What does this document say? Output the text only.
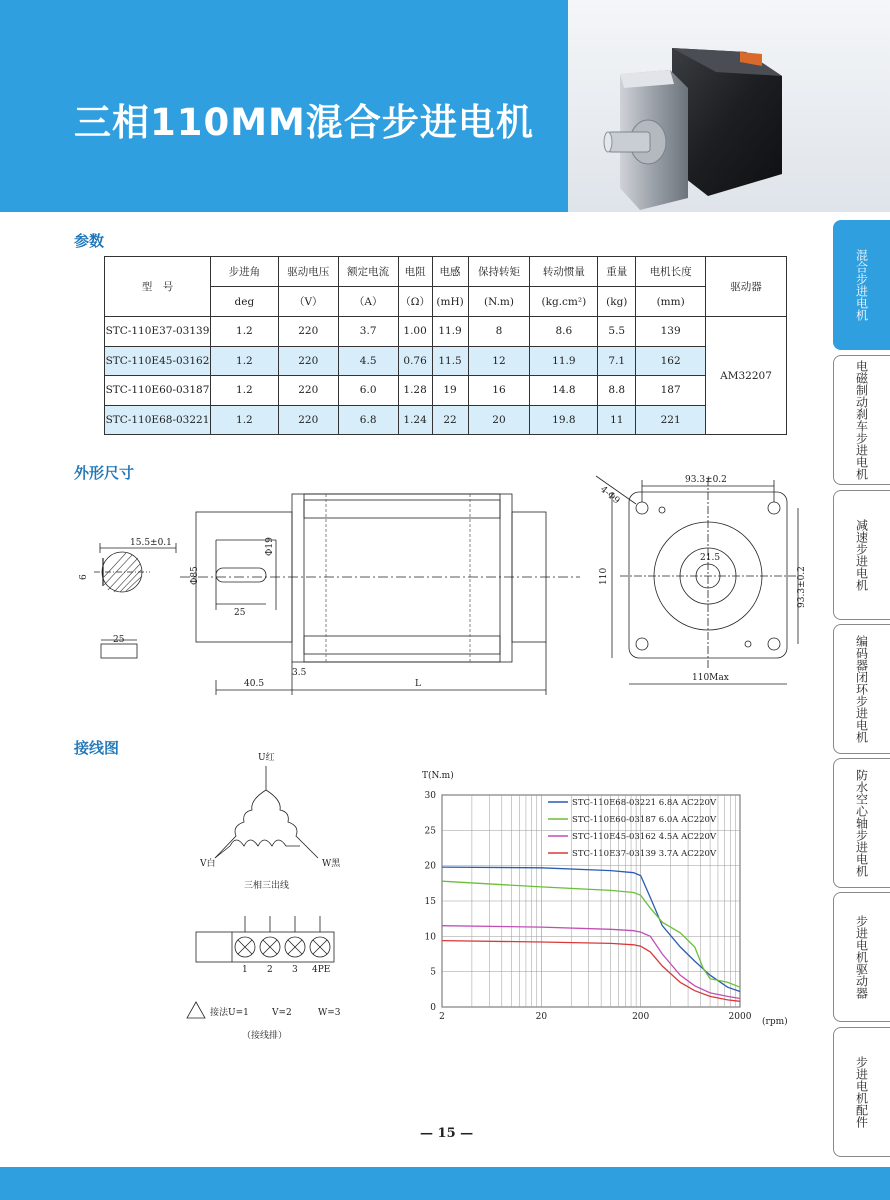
三相110MM混合步进电机
参数
外形尺寸
接线图
型　号	步进角	驱动电压	额定电流	电阻	电感	保持转矩	转动惯量	重量	电机长度	驱动器
	deg	（V）	（A）	（Ω）	(mH)	(N.m)	(kg.cm²)	(kg)	(mm)	
STC-110E37-03139	1.2	220	3.7	1.00	11.9	8	8.6	5.5	139	AM32207
STC-110E45-03162	1.2	220	4.5	0.76	11.5	12	11.9	7.1	162	
STC-110E60-03187	1.2	220	6.0	1.28	19	16	14.8	8.8	187	
STC-110E68-03221	1.2	220	6.8	1.24	22	20	19.8	11	221	
15.5±0.1
6
25
25
Φ85
Φ19
40.5
3.5
L
93.3±0.2
93.3±0.2
110
110Max
4-Φ9
21.5
U红
V白	W黑
三相三出线
1 2 3 4PE
接法U=1	V=2	W=3
（接线排）
0
5
10
15
20
25
30
2	20	200	2000
T(N.m)
(rpm)
STC-110E68-03221 6.8A AC220V
STC-110E60-03187 6.0A AC220V
STC-110E45-03162 4.5A AC220V
STC-110E37-03139 3.7A AC220V
混合步进电机
电磁制动刹车步进电机
减速步进电机
编码器闭环步进电机
防水空心轴步进电机
步进电机驱动器
步进电机配件
— 15 —
